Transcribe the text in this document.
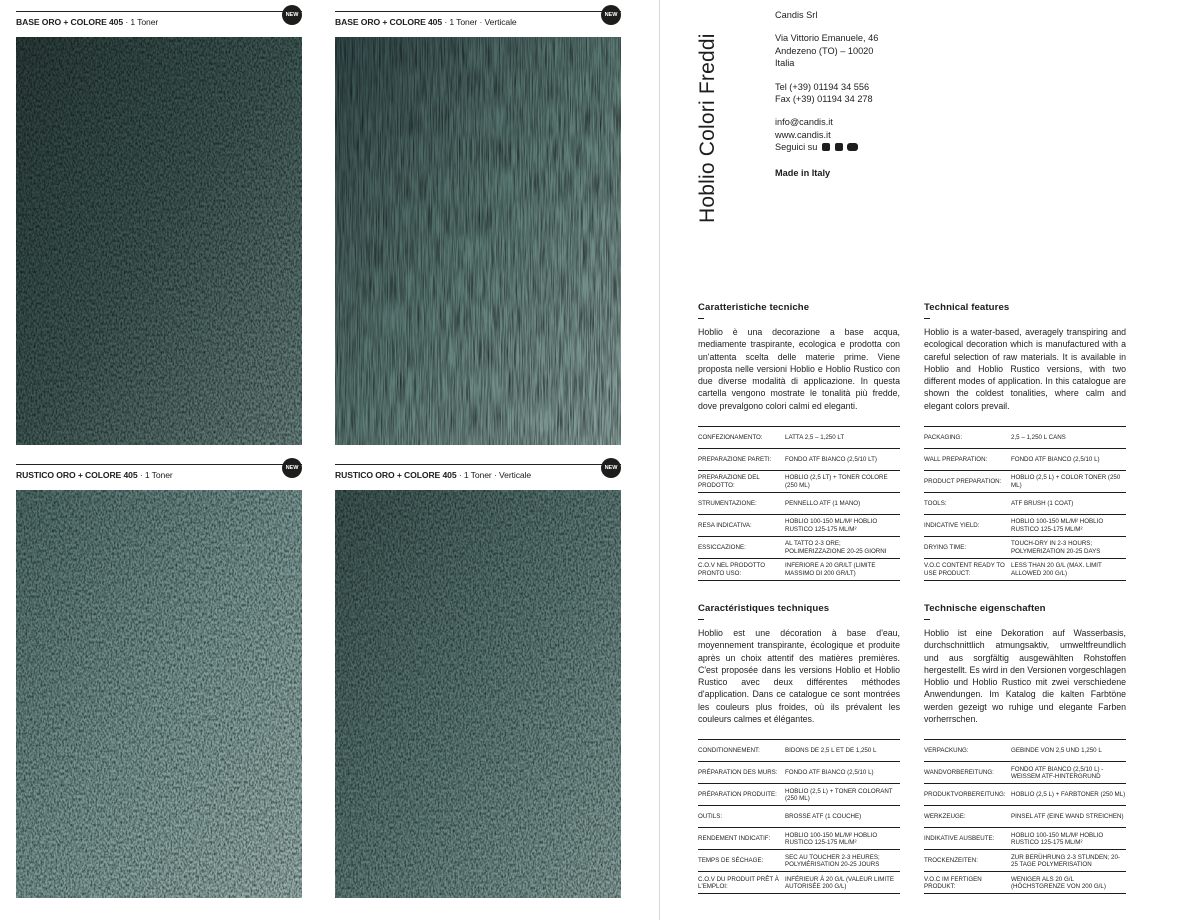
BASE ORO + COLORE 405 · 1 Toner
NEW
BASE ORO + COLORE 405 · 1 Toner · Verticale
NEW
RUSTICO ORO + COLORE 405 · 1 Toner
NEW
RUSTICO ORO + COLORE 405 · 1 Toner · Verticale
NEW
Hoblio Colori Freddi

Candis Srl

Via Vittorio Emanuele, 46

Andezeno (TO) – 10020

Italia

Tel (+39) 01194 34 556

Fax (+39) 01194 34 278

info@candis.it

www.candis.it

Seguici su

Made in Italy

Caratteristiche tecniche
Hoblio è una decorazione a base acqua, mediamente traspirante, ecologica e prodotta con un'attenta scelta delle materie prime. Viene proposta nelle versioni Hoblio e Hoblio Rustico con due diverse modalità di applicazione. In questa cartella vengono mostrate le tonalità più fredde, dove prevalgono colori calmi ed eleganti.
CONFEZIONAMENTO:	LATTA 2,5 – 1,250 LT
PREPARAZIONE PARETI:	FONDO ATF BIANCO (2,5/10 LT)
PREPARAZIONE DEL PRODOTTO:
HOBLIO (2,5 LT) + TONER COLORE (250 ML)
STRUMENTAZIONE:	PENNELLO ATF (1 MANO)
RESA INDICATIVA:
HOBLIO 100-150 ML/M² HOBLIO RUSTICO 125-175 ML/M²
ESSICCAZIONE:
AL TATTO 2-3 ORE; POLIMERIZZAZIONE 20-25 GIORNI
C.O.V NEL PRODOTTO PRONTO USO:
INFERIORE A 20 GR/LT (LIMITE MASSIMO DI 200 GR/LT)
Technical features
Hoblio is a water-based, averagely transpiring and ecological decoration which is manufactured with a careful selection of raw materials. It is available in Hoblio and Hoblio Rustico versions, with two different modes of application. In this catalogue are shown the coldest tonalities, where calm and elegant colors prevail.
PACKAGING:	2,5 – 1,250 L CANS
WALL PREPARATION:	FONDO ATF BIANCO (2,5/10 L)
PRODUCT PREPARATION:
HOBLIO (2,5 L) + COLOR TONER (250 ML)
TOOLS:	ATF BRUSH (1 COAT)
INDICATIVE YIELD:
HOBLIO 100-150 ML/M² HOBLIO RUSTICO 125-175 ML/M²
DRYING TIME:
TOUCH-DRY IN 2-3 HOURS; POLYMERIZATION 20-25 DAYS
V.O.C CONTENT READY TO USE PRODUCT:
LESS THAN 20 G/L (MAX. LIMIT ALLOWED 200 G/L)
Caractéristiques techniques
Hoblio est une décoration à base d'eau, moyennement transpirante, écologique et produite après un choix attentif des matières premières. C'est proposée dans les versions Hoblio et Hoblio Rustico avec deux différentes méthodes d'application. Dans ce catalogue ce sont montrées les couleurs plus froides, où ils prévalent les couleurs calmes et élégantes.
CONDITIONNEMENT:	BIDONS DE 2,5 L ET DE 1,250 L
PRÉPARATION DES MURS:	FONDO ATF BIANCO (2,5/10 L)
PRÉPARATION PRODUITE:
HOBLIO (2,5 L) + TONER COLORANT (250 ML)
OUTILS:	BROSSE ATF (1 COUCHE)
RENDEMENT INDICATIF:
HOBLIO 100-150 ML/M² HOBLIO RUSTICO 125-175 ML/M²
TEMPS DE SÉCHAGE:
SEC AU TOUCHER 2-3 HEURES; POLYMÉRISATION 20-25 JOURS
C.O.V DU PRODUIT PRÊT À L'EMPLOI:
INFÉRIEUR À 20 G/L (VALEUR LIMITE AUTORISÉE 200 G/L)
Technische eigenschaften
Hoblio ist eine Dekoration auf Wasserbasis, durchschnittlich atmungsaktiv, umweltfreundlich und aus sorgfältig ausgewählten Rohstoffen hergestellt. Es wird in den Versionen vorgeschlagen Hoblio und Hoblio Rustico mit zwei verschiedene Anwendungen. Im Katalog die kalten Farbtöne werden gezeigt wo ruhige und elegante Farben vorherrschen.
VERPACKUNG:	GEBINDE VON 2,5 UND 1,250 L
WANDVORBEREITUNG:
FONDO ATF BIANCO (2,5/10 L) - WEISSEM ATF-HINTERGRUND
PRODUKTVORBEREITUNG: HOBLIO (2,5 L) + FARBTONER (250 ML)
WERKZEUGE:	PINSEL ATF (EINE WAND STREICHEN)
INDIKATIVE AUSBEUTE:
HOBLIO 100-150 ML/M² HOBLIO RUSTICO 125-175 ML/M²
TROCKENZEITEN:
ZUR BERÜHRUNG 2-3 STUNDEN; 20-25 TAGE POLYMERISATION
V.O.C IM FERTIGEN PRODUKT:
WENIGER ALS 20 G/L (HÖCHSTGRENZE VON 200 G/L)
